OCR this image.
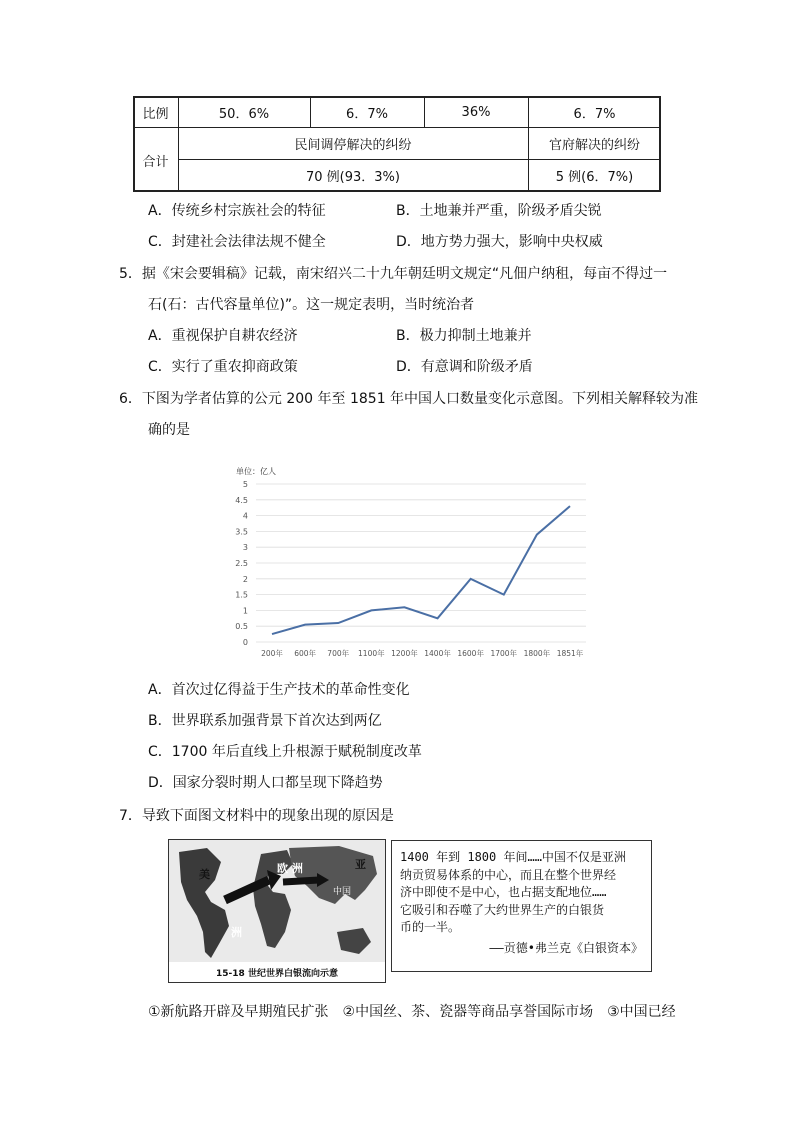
比例	50．6%	6．7%	36%	6．7%
合计
民间调停解决的纠纷	官府解决的纠纷
70 例(93．3%)	5 例(6．7%)
A．传统乡村宗族社会的特征	B．土地兼并严重，阶级矛盾尖锐
C．封建社会法律法规不健全	D．地方势力强大，影响中央权威
5．据《宋会要辑稿》记载，南宋绍兴二十九年朝廷明文规定“凡佃户纳租，每亩不得过一
石(石：古代容量单位)”。这一规定表明，当时统治者
A．重视保护自耕农经济	B．极力抑制土地兼并
C．实行了重农抑商政策	D．有意调和阶级矛盾
6．下图为学者估算的公元 200 年至 1851 年中国人口数量变化示意图。下列相关解释较为准
确的是
单位：亿人
0
0.5
1
1.5
2
2.5
3
3.5
4
4.5
5
200年 600年 700年 1100年 1200年 1400年 1600年 1700年 1800年 1851年
A．首次过亿得益于生产技术的革命性变化
B．世界联系加强背景下首次达到两亿
C．1700 年后直线上升根源于赋税制度改革
D．国家分裂时期人口都呈现下降趋势
7．导致下面图文材料中的现象出现的原因是
美	欧 洲	亚
洲
中国
15-18 世纪世界白银流向示意
1400 年到 1800 年间……中国不仅是亚洲
纳贡贸易体系的中心，而且在整个世界经
济中即使不是中心，也占据支配地位……
它吸引和吞噬了大约世界生产的白银货
币的一半。
——贡德•弗兰克《白银资本》
①新航路开辟及早期殖民扩张　②中国丝、茶、瓷器等商品享誉国际市场　③中国已经
